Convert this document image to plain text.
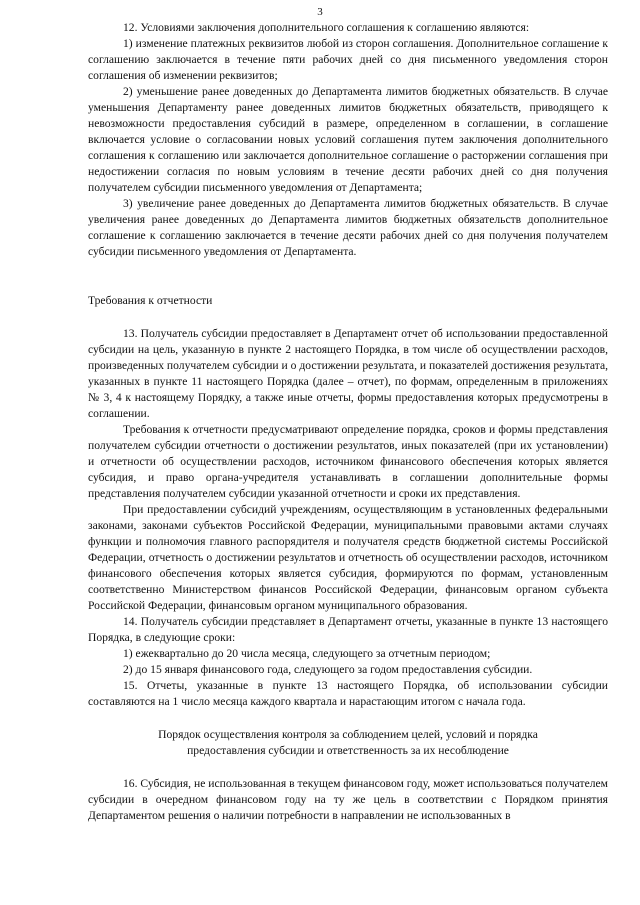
3

12. Условиями заключения дополнительного соглашения к соглашению являются:

1) изменение платежных реквизитов любой из сторон соглашения. Дополнительное соглашение к соглашению заключается в течение пяти рабочих дней со дня письменного уведомления сторон соглашения об изменении реквизитов;

2) уменьшение ранее доведенных до Департамента лимитов бюджетных обязательств. В случае уменьшения Департаменту ранее доведенных лимитов бюджетных обязательств, приводящего к невозможности предоставления субсидий в размере, определенном в соглашении, в соглашение включается условие о согласовании новых условий соглашения путем заключения дополнительного соглашения к соглашению или заключается дополнительное соглашение о расторжении соглашения при недостижении согласия по новым условиям в течение десяти рабочих дней со дня получения получателем субсидии письменного уведомления от Департамента;

3) увеличение ранее доведенных до Департамента лимитов бюджетных обязательств. В случае увеличения ранее доведенных до Департамента лимитов бюджетных обязательств дополнительное соглашение к соглашению заключается в течение десяти рабочих дней со дня получения получателем субсидии письменного уведомления от Департамента.

Требования к отчетности

13. Получатель субсидии предоставляет в Департамент отчет об использовании предоставленной субсидии на цель, указанную в пункте 2 настоящего Порядка, в том числе об осуществлении расходов, произведенных получателем субсидии и о достижении результата, и показателей достижения результата, указанных в пункте 11 настоящего Порядка (далее – отчет), по формам, определенным в приложениях № 3, 4 к настоящему Порядку, а также иные отчеты, формы предоставления которых предусмотрены в соглашении.

Требования к отчетности предусматривают определение порядка, сроков и формы представления получателем субсидии отчетности о достижении результатов, иных показателей (при их установлении) и отчетности об осуществлении расходов, источником финансового обеспечения которых является субсидия, и право органа-учредителя устанавливать в соглашении дополнительные формы представления получателем субсидии указанной отчетности и сроки их представления.

При предоставлении субсидий учреждениям, осуществляющим в установленных федеральными законами, законами субъектов Российской Федерации, муниципальными правовыми актами случаях функции и полномочия главного распорядителя и получателя средств бюджетной системы Российской Федерации, отчетность о достижении результатов и отчетность об осуществлении расходов, источником финансового обеспечения которых является субсидия, формируются по формам, установленным соответственно Министерством финансов Российской Федерации, финансовым органом субъекта Российской Федерации, финансовым органом муниципального образования.

14. Получатель субсидии представляет в Департамент отчеты, указанные в пункте 13 настоящего Порядка, в следующие сроки:

1) ежеквартально до 20 числа месяца, следующего за отчетным периодом;

2) до 15 января финансового года, следующего за годом предоставления субсидии.

15. Отчеты, указанные в пункте 13 настоящего Порядка, об использовании субсидии составляются на 1 число месяца каждого квартала и нарастающим итогом с начала года.

Порядок осуществления контроля за соблюдением целей, условий и порядка
предоставления субсидии и ответственность за их несоблюдение

16. Субсидия, не использованная в текущем финансовом году, может использоваться получателем субсидии в очередном финансовом году на ту же цель в соответствии с Порядком принятия Департаментом решения о наличии потребности в направлении не использованных в
